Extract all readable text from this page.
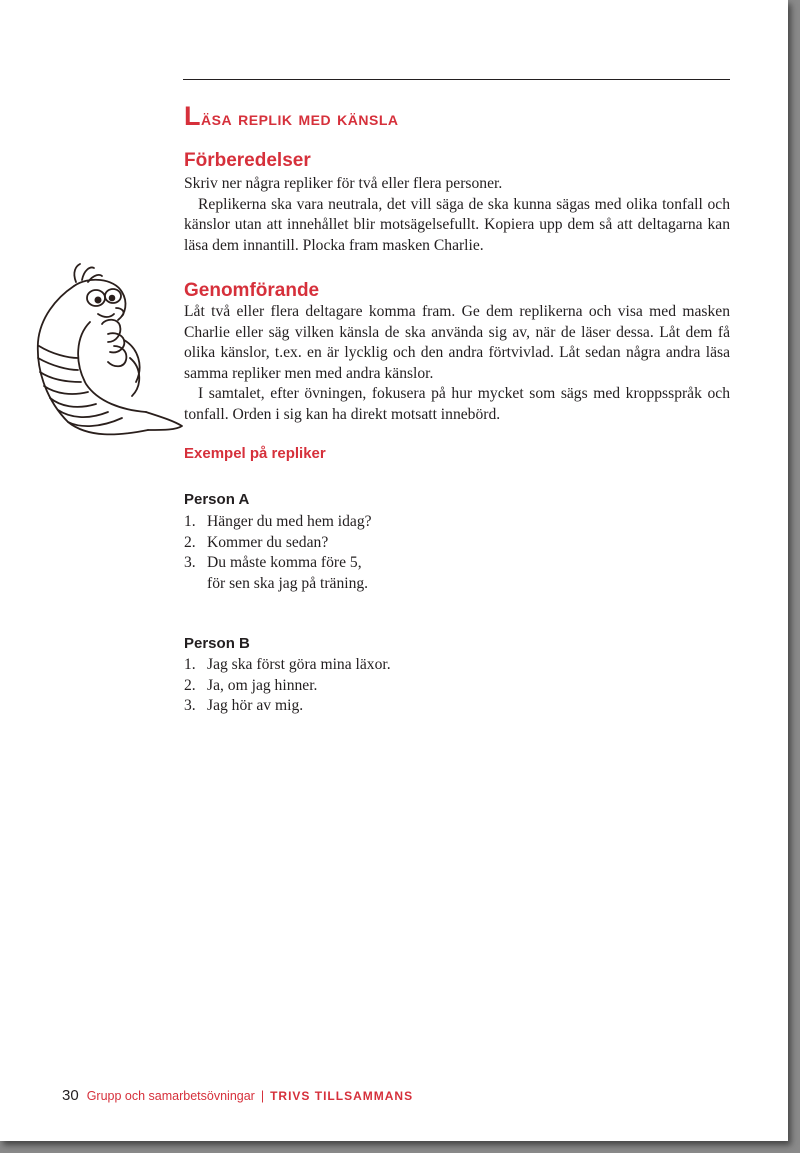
Läsa replik med känsla
Förberedelser

Skriv ner några repliker för två eller flera personer.

Replikerna ska vara neutrala, det vill säga de ska kunna sägas med olika tonfall och känslor utan att innehållet blir motsägelsefullt. Kopiera upp dem så att deltagarna kan läsa dem innantill. Plocka fram masken Charlie.

Genomförande

Låt två eller flera deltagare komma fram. Ge dem replikerna och visa med masken Charlie eller säg vilken känsla de ska använda sig av, när de läser dessa. Låt dem få olika känslor, t.ex. en är lycklig och den andra förtvivlad. Låt sedan några andra läsa samma repliker men med andra känslor.

I samtalet, efter övningen, fokusera på hur mycket som sägs med kroppsspråk och tonfall. Orden i sig kan ha direkt motsatt innebörd.

Exempel på repliker
Person A
1. Hänger du med hem idag?
2. Kommer du sedan?
3. Du måste komma före 5,
för sen ska jag på träning.
Person B
1. Jag ska först göra mina läxor.
2. Ja, om jag hinner.
3. Jag hör av mig.
30 Grupp och samarbetsövningar | TRIVS TILLSAMMANS
